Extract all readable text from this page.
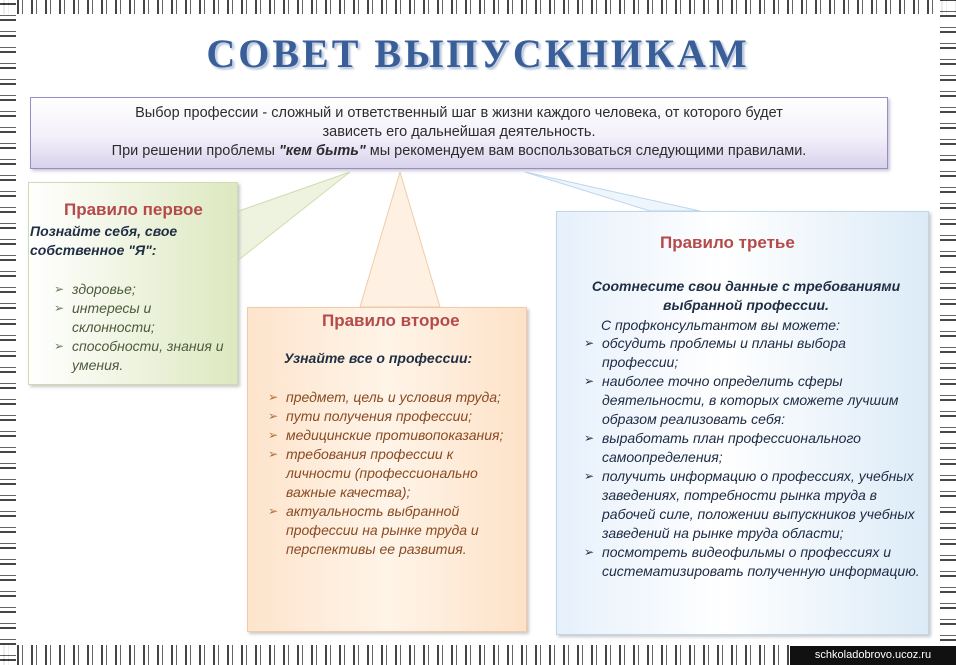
schkoladobrovo.ucoz.ru
СОВЕТ ВЫПУСКНИКАМ
Выбор профессии - сложный и ответственный шаг в жизни каждого человека, от которого будет
зависеть его дальнейшая деятельность.
При решении проблемы "кем быть" мы рекомендуем вам воспользоваться следующими правилами.
Правило первое
Познайте себя, свое собственное "Я":
➢ здоровье;
➢ интересы и склонности;
➢ способности, знания и умения.
Правило второе
Узнайте все о профессии:
➢ предмет, цель и условия труда;
➢ пути получения профессии;
➢ медицинские противопоказания;
➢ требования профессии к личности (профессионально важные качества);
➢ актуальность выбранной профессии на рынке труда и перспективы ее развития.
Правило третье
Соотнесите свои данные с требованиями выбранной профессии.
С профконсультантом вы можете:
➢ обсудить проблемы и планы выбора профессии;
➢ наиболее точно определить сферы деятельности, в которых сможете лучшим образом реализовать себя:
➢ выработать план профессионального самоопределения;
➢ получить информацию о профессиях, учебных заведениях, потребности рынка труда в рабочей силе, положении выпускников учебных заведений на рынке труда области;
➢ посмотреть видеофильмы о профессиях и систематизировать полученную информацию.
